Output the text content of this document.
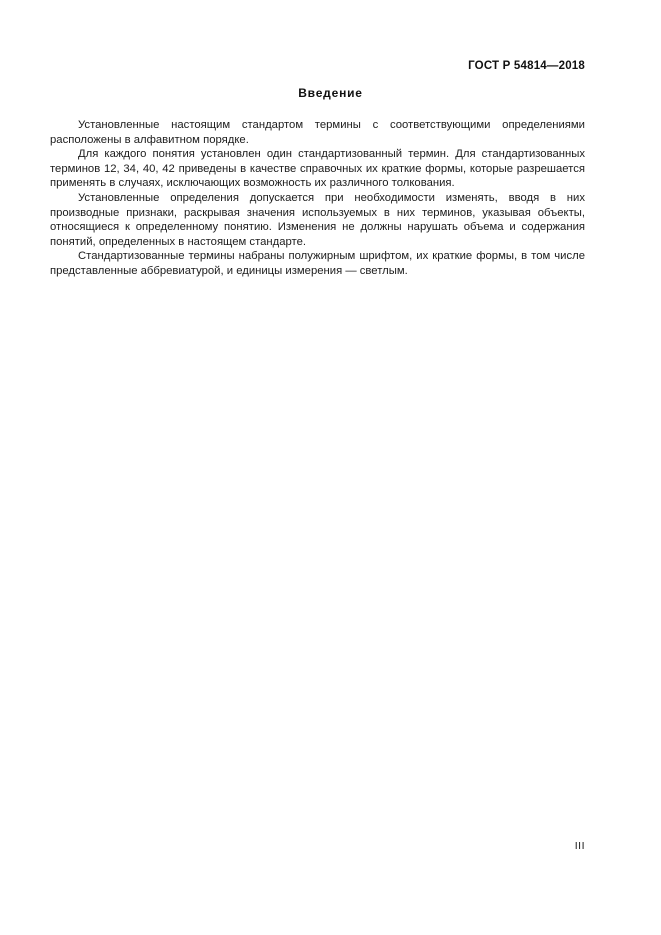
ГОСТ Р 54814—2018
Введение

Установленные настоящим стандартом термины с соответствующими определениями расположены в алфавитном порядке.

Для каждого понятия установлен один стандартизованный термин. Для стандартизованных терминов 12, 34, 40, 42 приведены в качестве справочных их краткие формы, которые разрешается применять в случаях, исключающих возможность их различного толкования.

Установленные определения допускается при необходимости изменять, вводя в них производные признаки, раскрывая значения используемых в них терминов, указывая объекты, относящиеся к определенному понятию. Изменения не должны нарушать объема и содержания понятий, определенных в настоящем стандарте.

Стандартизованные термины набраны полужирным шрифтом, их краткие формы, в том числе представленные аббревиатурой, и единицы измерения — светлым.

III
